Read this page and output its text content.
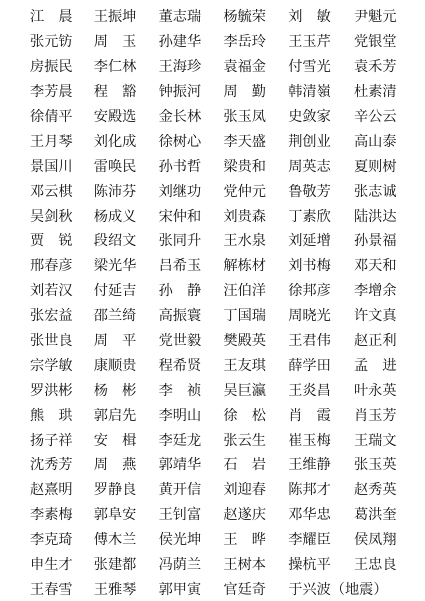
江　晨	王振坤	董志瑞	杨毓荣	刘　敏	尹魁元
张元钫	周　玉	孙建华	李岳玲	王玉芹	党银堂
房振民	李仁林	王海珍	袁福金	付雪光	袁禾芳
李芳晨	程　豁	钟振河	周　勤	韩清嶺	杜素清
徐倩平	安殿选	金长林	张玉凤	史敛家	辛公云
王月琴	刘化成	徐树心	李天盛	荆创业	高山泰
景国川	雷唤民	孙书哲	梁贵和	周英志	夏则树
邓云棋	陈沛芬	刘继功	党仲元	鲁敬芳	张志诚
吴剑秋	杨成义	宋仲和	刘贵森	丁素欣	陆洪达
贾　锐	段绍文	张同升	王水泉	刘延增	孙景福
邢春彦	梁光华	吕希玉	解栋材	刘书梅	邓天和
刘若汉	付延吉	孙　静	汪伯洋	徐邦彦	李增余
张宏益	邵兰绮	高振寰	丁国瑞	周晓光	许文真
张世良	周　平	党世毅	樊殿英	王君伟	赵正利
宗学敏	康顺贵	程希贤	王友琪	薛学田	孟　进
罗洪彬	杨　彬	李　祯	吴巨瀛	王炎昌	叶永英
熊　珙	郭启先	李明山	徐　松	肖　霞	肖玉芳
扬子祥	安　楫	李廷龙	张云生	崔玉梅	王瑞文
沈秀芳	周　燕	郭靖华	石　岩	王维静	张玉英
赵熹明	罗静良	黄开信	刘迎春	陈邦才	赵秀英
李素梅	郭阜安	王钊富	赵遂庆	邓华忠	葛洪奎
李克琦	傅木兰	侯光坤	王　晔	李耀臣	侯凤翔
申生才	张建都	冯荫兰	王树本	操杭平	王忠良
王春雪	王雅琴	郭甲寅	官廷奇	于兴波（地震）
